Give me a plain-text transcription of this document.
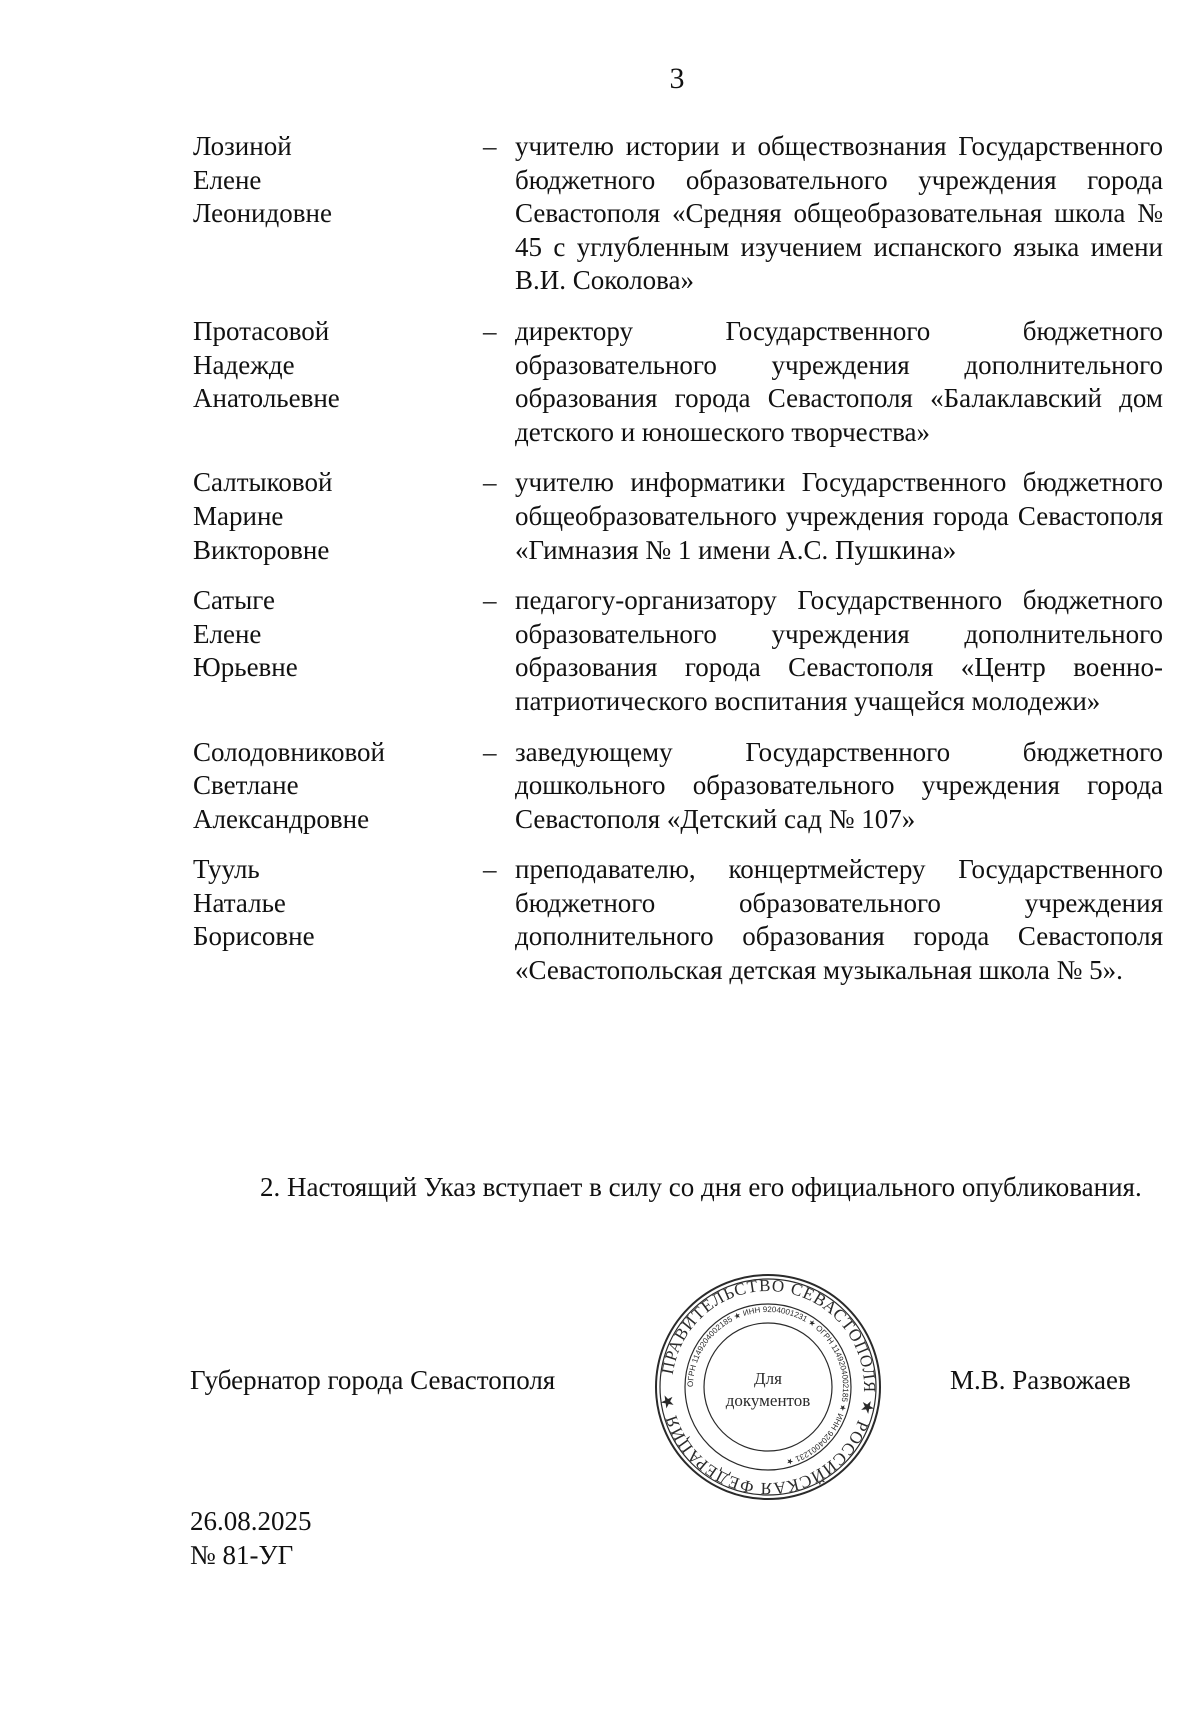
3
Лозиной
Елене
Леонидовне
– учителю истории и обществознания Государственного бюджетного образовательного учреждения города Севастополя «Средняя общеобразовательная школа № 45 с углубленным изучением испанского языка имени В.И. Соколова»
Протасовой
Надежде
Анатольевне
– директору Государственного бюджетного образовательного учреждения дополнительного образования города Севастополя «Балаклавский дом детского и юношеского творчества»
Салтыковой
Марине
Викторовне
– учителю информатики Государственного бюджетного общеобразовательного учреждения города Севастополя «Гимназия № 1 имени А.С. Пушкина»
Сатыге
Елене
Юрьевне
– педагогу-организатору Государственного бюджетного образовательного учреждения дополнительного образования города Севастополя «Центр военно-патриотического воспитания учащейся молодежи»
Солодовниковой
Светлане
Александровне
– заведующему Государственного бюджетного дошкольного образовательного учреждения города Севастополя «Детский сад № 107»
Тууль
Наталье
Борисовне
– преподавателю, концертмейстеру Государственного бюджетного образовательного учреждения дополнительного образования города Севастополя «Севастопольская детская музыкальная школа № 5».
2. Настоящий Указ вступает в силу со дня его официального опубликования.
Губернатор города Севастополя	М.В. Развожаев
ПРАВИТЕЛЬСТВО СЕВАСТОПОЛЯ ★ РОССИЙСКАЯ ФЕДЕРАЦИЯ ★
ОГРН 1149204002185 ★ ИНН 9204001231 ★ ОГРН 1149204002185 ★ ИНН 9204001231 ★
Для
документов
26.08.2025
№ 81-УГ
